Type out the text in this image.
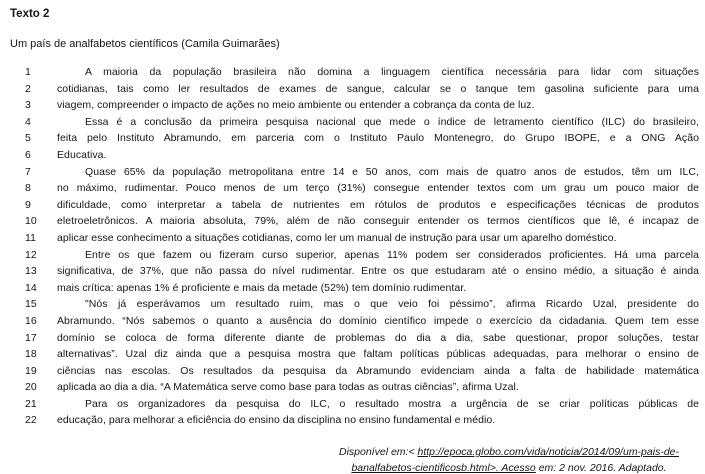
Texto 2

Um país de analfabetos científicos (Camila Guimarães)

1	A maioria da população brasileira não domina a linguagem científica necessária para lidar com situações
2 cotidianas, tais como ler resultados de exames de sangue, calcular se o tanque tem gasolina suficiente para uma
3 viagem, compreender o impacto de ações no meio ambiente ou entender a cobrança da conta de luz.
4	Essa é a conclusão da primeira pesquisa nacional que mede o índice de letramento científico (ILC) do brasileiro,
5 feita pelo Instituto Abramundo, em parceria com o Instituto Paulo Montenegro, do Grupo IBOPE, e a ONG Ação
6 Educativa.
7	Quase 65% da população metropolitana entre 14 e 50 anos, com mais de quatro anos de estudos, têm um ILC,
8 no máximo, rudimentar. Pouco menos de um terço (31%) consegue entender textos com um grau um pouco maior de
9 dificuldade, como interpretar a tabela de nutrientes em rótulos de produtos e especificações técnicas de produtos
10 eletroeletrônicos. A maioria absoluta, 79%, além de não conseguir entender os termos científicos que lê, é incapaz de
11 aplicar esse conhecimento a situações cotidianas, como ler um manual de instrução para usar um aparelho doméstico.
12	Entre os que fazem ou fizeram curso superior, apenas 11% podem ser considerados proficientes. Há uma parcela
13 significativa, de 37%, que não passa do nível rudimentar. Entre os que estudaram até o ensino médio, a situação é ainda
14 mais crítica: apenas 1% é proficiente e mais da metade (52%) tem domínio rudimentar.
15	"Nós já esperávamos um resultado ruim, mas o que veio foi péssimo”, afirma Ricardo Uzal, presidente do
16 Abramundo. “Nós sabemos o quanto a ausência do domínio científico impede o exercício da cidadania. Quem tem esse
17 domínio se coloca de forma diferente diante de problemas do dia a dia, sabe questionar, propor soluções, testar
18 alternativas”. Uzal diz ainda que a pesquisa mostra que faltam políticas públicas adequadas, para melhorar o ensino de
19 ciências nas escolas. Os resultados da pesquisa da Abramundo evidenciam ainda a falta de habilidade matemática
20 aplicada ao dia a dia. “A Matemática serve como base para todas as outras ciências”, afirma Uzal.
21	Para os organizadores da pesquisa do ILC, o resultado mostra a urgência de se criar políticas públicas de
22 educação, para melhorar a eficiência do ensino da disciplina no ensino fundamental e médio.
Disponível em:< http://epoca.globo.com/vida/noticia/2014/09/um-pais-de-
banalfabetos-cientificosb.html>. Acesso em: 2 nov. 2016. Adaptado.
